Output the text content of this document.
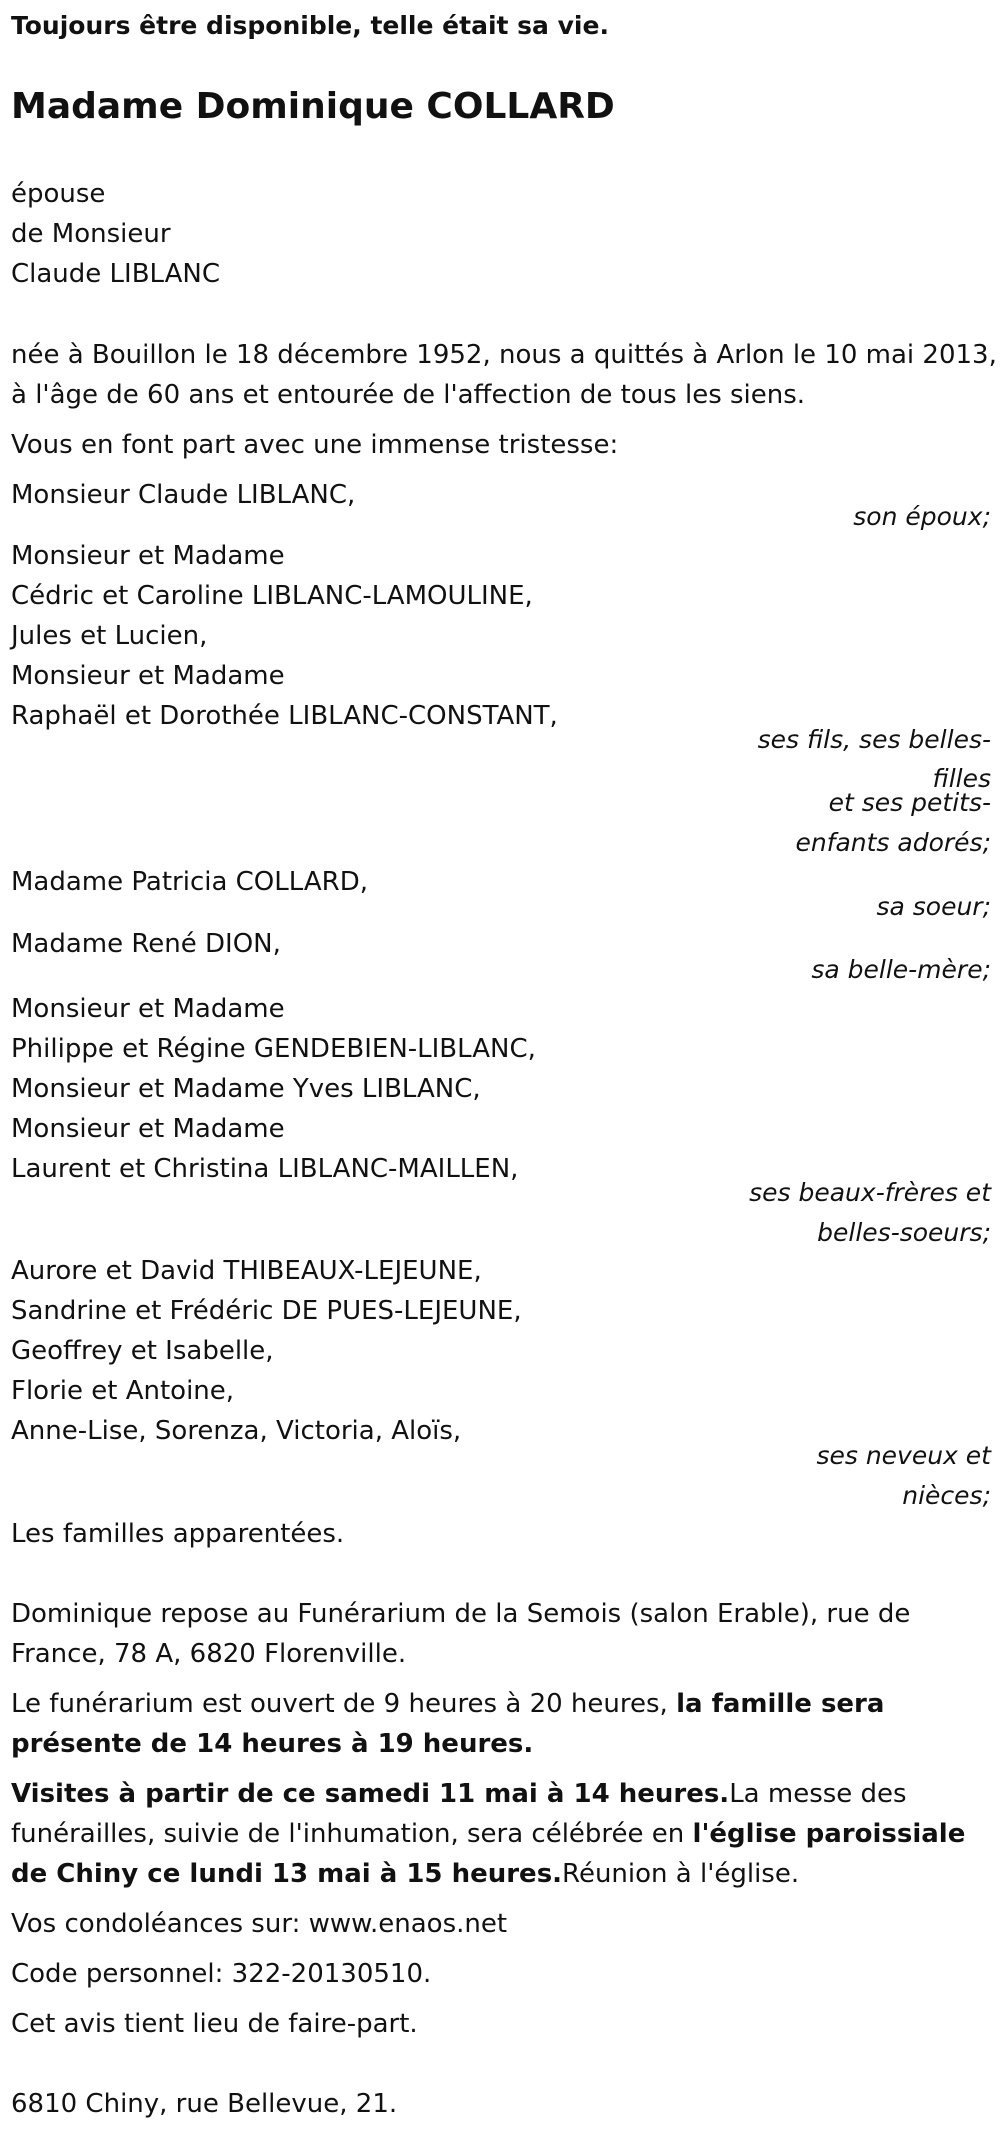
Toujours être disponible, telle était sa vie.
Madame Dominique COLLARD
épouse
de Monsieur
Claude LIBLANC
née à Bouillon le 18 décembre 1952, nous a quittés à Arlon le 10 mai 2013,
à l'âge de 60 ans et entourée de l'affection de tous les siens.
Vous en font part avec une immense tristesse:
Monsieur Claude LIBLANC,
son époux;
Monsieur et Madame
Cédric et Caroline LIBLANC-LAMOULINE,
Jules et Lucien,
Monsieur et Madame
Raphaël et Dorothée LIBLANC-CONSTANT,
ses fils, ses belles-
filles
et ses petits-
enfants adorés;
Madame Patricia COLLARD,
sa soeur;
Madame René DION,
sa belle-mère;
Monsieur et Madame
Philippe et Régine GENDEBIEN-LIBLANC,
Monsieur et Madame Yves LIBLANC,
Monsieur et Madame
Laurent et Christina LIBLANC-MAILLEN,
ses beaux-frères et
belles-soeurs;
Aurore et David THIBEAUX-LEJEUNE,
Sandrine et Frédéric DE PUES-LEJEUNE,
Geoffrey et Isabelle,
Florie et Antoine,
Anne-Lise, Sorenza, Victoria, Aloïs,
ses neveux et
nièces;
Les familles apparentées.
Dominique repose au Funérarium de la Semois (salon Erable), rue de
France, 78 A, 6820 Florenville.
Le funérarium est ouvert de 9 heures à 20 heures, la famille sera
présente de 14 heures à 19 heures.
Visites à partir de ce samedi 11 mai à 14 heures.La messe des
funérailles, suivie de l'inhumation, sera célébrée en l'église paroissiale
de Chiny ce lundi 13 mai à 15 heures.Réunion à l'église.
Vos condoléances sur: www.enaos.net
Code personnel: 322-20130510.
Cet avis tient lieu de faire-part.
6810 Chiny, rue Bellevue, 21.
